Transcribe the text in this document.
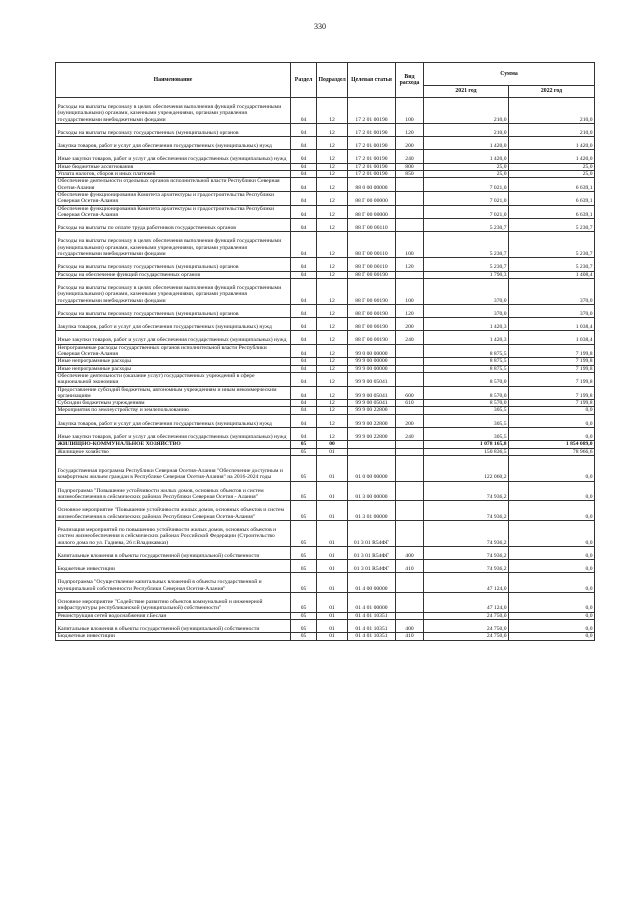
330
Наименование	Раздел	Подраздел	Целевая статья	Вид расхода	Сумма	
					2021 год	2022 год
Расходы на выплаты персоналу в целях обеспечения выполнения функций государственными (муниципальными) органами, казенными учреждениями, органами управления государственными внебюджетными фондами	04	12	17 2 01 00190	100	210,0	210,0
Расходы на выплаты персоналу государственных (муниципальных) органов	04	12	17 2 01 00190	120	210,0	210,0
Закупка товаров, работ и услуг для обеспечения государственных (муниципальных) нужд	04	12	17 2 01 00190	200	1 420,0	1 420,0
Иные закупки товаров, работ и услуг для обеспечения государственных (муниципальных) нужд	04	12	17 2 01 00190	240	1 420,0	1 420,0
Иные бюджетные ассигнования	04	12	17 2 01 00190	800	25,0	25,0
Уплата налогов, сборов и иных платежей	04	12	17 2 01 00190	850	25,0	25,0
Обеспечение деятельности отдельных органов исполнительной власти Республики Северная Осетия-Алания	04	12	88 0 00 00000		7 021,0	6 639,1
Обеспечение функционирования Комитета архитектуры и градостроительства Республики Северная Осетия-Алания	04	12	88 Г 00 00000		7 021,0	6 639,1
Обеспечение функционирования Комитета архитектуры и градостроительства Республики Северная Осетия-Алания	04	12	88 Г 00 00000		7 021,0	6 639,1
Расходы на выплаты по оплате труда работников государственных органов	04	12	88 Г 00 00110		5 230,7	5 230,7
Расходы на выплаты персоналу в целях обеспечения выполнения функций государственными (муниципальными) органами, казенными учреждениями, органами управления государственными внебюджетными фондами	04	12	88 Г 00 00110	100	5 230,7	5 230,7
Расходы на выплаты персоналу государственных (муниципальных) органов	04	12	88 Г 00 00110	120	5 230,7	5 230,7
Расходы на обеспечение функций государственных органов	04	12	88 Г 00 00190		1 790,3	1 408,4
Расходы на выплаты персоналу в целях обеспечения выполнения функций государственными (муниципальными) органами, казенными учреждениями, органами управления государственными внебюджетными фондами	04	12	88 Г 00 00190	100	370,0	370,0
Расходы на выплаты персоналу государственных (муниципальных) органов	04	12	88 Г 00 00190	120	370,0	370,0
Закупка товаров, работ и услуг для обеспечения государственных (муниципальных) нужд	04	12	88 Г 00 00190	200	1 420,3	1 038,4
Иные закупки товаров, работ и услуг для обеспечения государственных (муниципальных) нужд	04	12	88 Г 00 00190	240	1 420,3	1 038,4
Непрограммные расходы государственных органов исполнительной власти Республики Северная Осетия-Алания	04	12	99 0 00 00000		8 875,5	7 199,8
Иные непрограммные расходы	04	12	99 9 00 00000		8 875,5	7 199,8
Иные непрограммные расходы	04	12	99 9 00 00000		8 875,5	7 199,8
Обеспечение деятельности (оказание услуг) государственных учреждений в сфере национальной экономики	04	12	99 9 00 05041		8 570,0	7 199,8
Предоставление субсидий бюджетным, автономным учреждениям и иным некоммерческим организациям	04	12	99 9 00 05041	600	8 570,0	7 199,8
Субсидии бюджетным учреждениям	04	12	99 9 00 05041	610	8 570,0	7 199,8
Мероприятия по землеустройству и землепользованию	04	12	99 9 00 22800		305,5	0,0
Закупка товаров, работ и услуг для обеспечения государственных (муниципальных) нужд	04	12	99 9 00 22800	200	305,5	0,0
Иные закупки товаров, работ и услуг для обеспечения государственных (муниципальных) нужд	04	12	99 9 00 22800	240	305,5	0,0
ЖИЛИЩНО-КОММУНАЛЬНОЕ ХОЗЯЙСТВО	05	00			1 078 165,8	1 854 089,0
Жилищное хозяйство	05	01			150 836,5	78 966,6
Государственная программа Республики Северная Осетия-Алания "Обеспечение доступным и комфортным жильем граждан в Республике Северная Осетия-Алания" на 2016-2024 годы	05	01	01 0 00 00000		122 060,2	0,0
Подпрограмма "Повышение устойчивости жилых домов, основных объектов и систем жизнеобеспечения в сейсмических районах Республики Северная Осетия - Алания"	05	01	01 3 00 00000		74 936,2	0,0
Основное мероприятие "Повышение устойчивости жилых домов, основных объектов и систем жизнеобеспечения в сейсмических районах Республики Северная Осетия-Алания"	05	01	01 3 01 00000		74 936,2	0,0
Реализация мероприятий по повышению устойчивости жилых домов, основных объектов и систем жизнеобеспечения в сейсмических районах Российской Федерации (Строительство жилого дома по ул. Гадиева, 26 г.Владикавказ)	05	01	01 3 01 R54ФГ		74 936,2	0,0
Капитальные вложения в объекты государственной (муниципальной) собственности	05	01	01 3 01 R54ФГ	400	74 936,2	0,0
Бюджетные инвестиции	05	01	01 3 01 R54ФГ	410	74 936,2	0,0
Подпрограмма "Осуществление капитальных вложений в объекты государственной и муниципальной собственности Республики Северная Осетия-Алания"	05	01	01 4 00 00000		47 124,0	0,0
Основное мероприятие "Содействие развитию объектов коммунальной и инженерной инфраструктуры республиканской (муниципальной) собственности"	05	01	01 4 01 00000		47 124,0	0,0
Реконструкция сетей водоснабжения г.Беслан	05	01	01 4 01 10351		24 750,0	0,0
Капитальные вложения в объекты государственной (муниципальной) собственности	05	01	01 4 01 10351	400	24 750,0	0,0
Бюджетные инвестиции	05	01	01 4 01 10351	410	24 750,0	0,0
